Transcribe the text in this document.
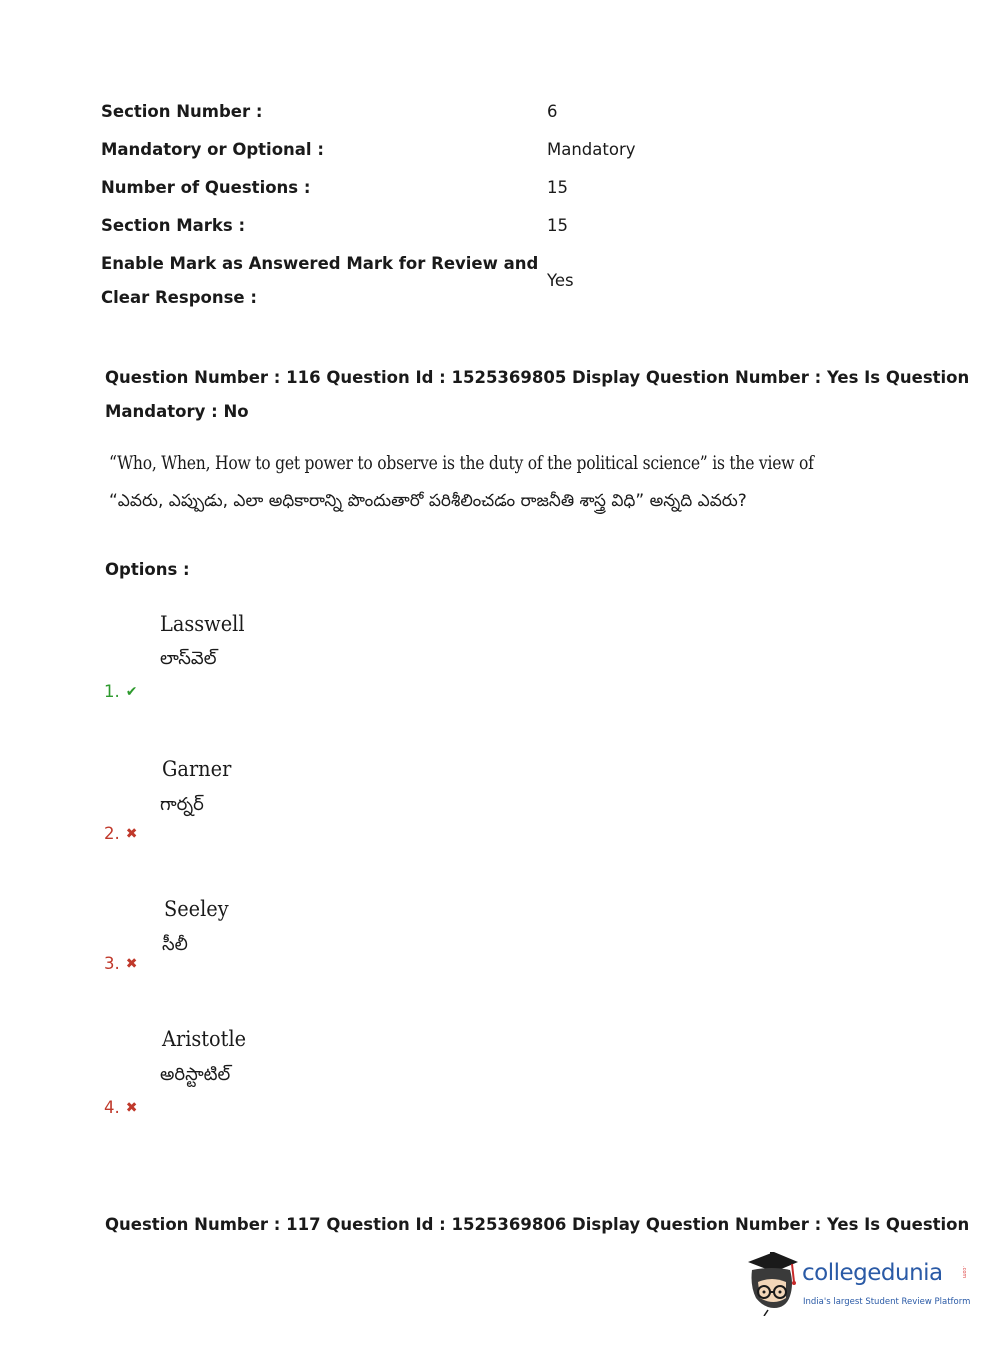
Section Number :	6
Mandatory or Optional :	Mandatory
Number of Questions :	15
Section Marks :	15
Enable Mark as Answered Mark for Review and
Clear Response :
Yes
Question Number : 116 Question Id : 1525369805 Display Question Number : Yes Is Question
Mandatory : No
“Who, When, How to get power to observe is the duty of the political science” is the view of
“ఎవరు, ఎప్పుడు, ఎలా అధికారాన్ని పొందుతారో పరిశీలించడం రాజనీతి శాస్త్ర విధి” అన్నది ఎవరు?
Options :
Lasswell
లాస్‌వెల్
1. ✔
Garner
గార్నర్
2. ✖
Seeley
సీలీ
3. ✖
Aristotle
అరిస్టాటిల్
4. ✖
Question Number : 117 Question Id : 1525369806 Display Question Number : Yes Is Question
collegedunia	.com
India's largest Student Review Platform
